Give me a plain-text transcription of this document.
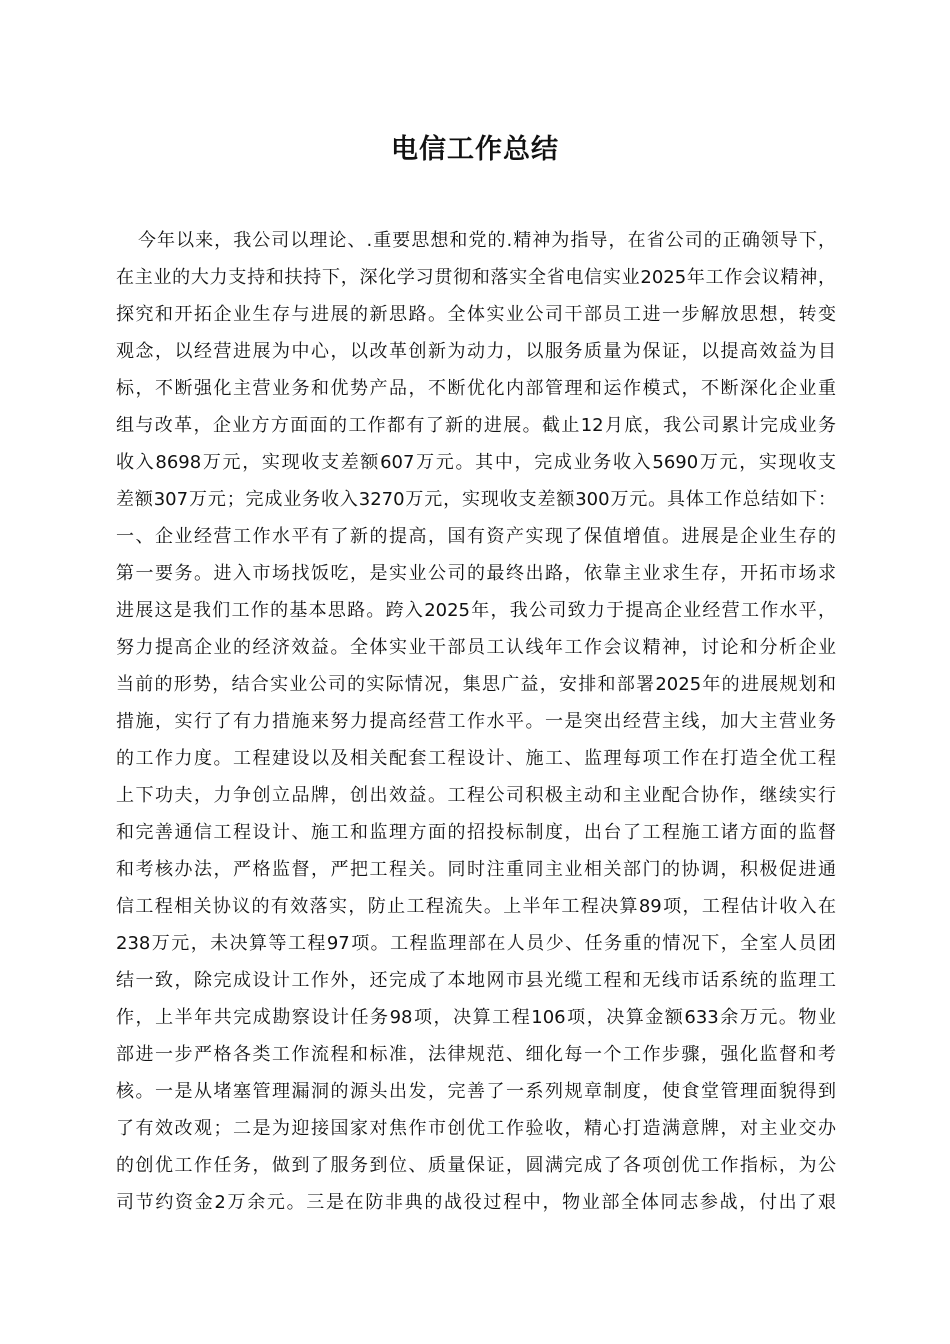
电信工作总结
今年以来，我公司以理论、.重要思想和党的.精神为指导，在省公司的正确领导下，
在主业的大力支持和扶持下，深化学习贯彻和落实全省电信实业2025年工作会议精神，
探究和开拓企业生存与进展的新思路。全体实业公司干部员工进一步解放思想，转变
观念，以经营进展为中心，以改革创新为动力，以服务质量为保证，以提高效益为目
标，不断强化主营业务和优势产品，不断优化内部管理和运作模式，不断深化企业重
组与改革，企业方方面面的工作都有了新的进展。截止12月底，我公司累计完成业务
收入8698万元，实现收支差额607万元。其中，完成业务收入5690万元，实现收支
差额307万元；完成业务收入3270万元，实现收支差额300万元。具体工作总结如下：
一、企业经营工作水平有了新的提高，国有资产实现了保值增值。进展是企业生存的
第一要务。进入市场找饭吃，是实业公司的最终出路，依靠主业求生存，开拓市场求
进展这是我们工作的基本思路。跨入2025年，我公司致力于提高企业经营工作水平，
努力提高企业的经济效益。全体实业干部员工认线年工作会议精神，讨论和分析企业
当前的形势，结合实业公司的实际情况，集思广益，安排和部署2025年的进展规划和
措施，实行了有力措施来努力提高经营工作水平。一是突出经营主线，加大主营业务
的工作力度。工程建设以及相关配套工程设计、施工、监理每项工作在打造全优工程
上下功夫，力争创立品牌，创出效益。工程公司积极主动和主业配合协作，继续实行
和完善通信工程设计、施工和监理方面的招投标制度，出台了工程施工诸方面的监督
和考核办法，严格监督，严把工程关。同时注重同主业相关部门的协调，积极促进通
信工程相关协议的有效落实，防止工程流失。上半年工程决算89项，工程估计收入在
238万元，未决算等工程97项。工程监理部在人员少、任务重的情况下，全室人员团
结一致，除完成设计工作外，还完成了本地网市县光缆工程和无线市话系统的监理工
作，上半年共完成勘察设计任务98项，决算工程106项，决算金额633余万元。物业
部进一步严格各类工作流程和标准，法律规范、细化每一个工作步骤，强化监督和考
核。一是从堵塞管理漏洞的源头出发，完善了一系列规章制度，使食堂管理面貌得到
了有效改观；二是为迎接国家对焦作市创优工作验收，精心打造满意牌，对主业交办
的创优工作任务，做到了服务到位、质量保证，圆满完成了各项创优工作指标，为公
司节约资金2万余元。三是在防非典的战役过程中，物业部全体同志参战，付出了艰
